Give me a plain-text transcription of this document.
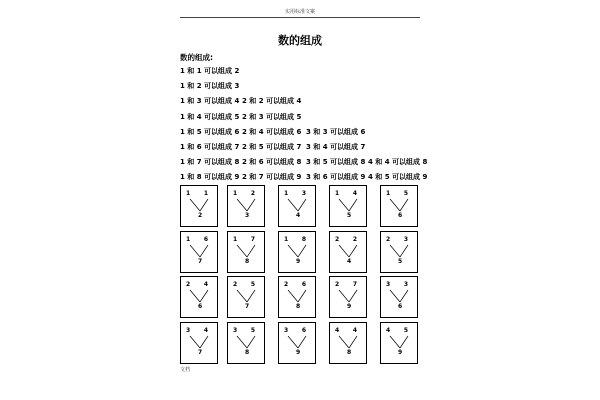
实用标准文案
数的组成
数的组成:
1 和 1 可以组成 2
1 和 2 可以组成 3
1 和 3 可以组成 4 2 和 2 可以组成 4
1 和 4 可以组成 5 2 和 3 可以组成 5
1 和 5 可以组成 6 2 和 4 可以组成 6 3 和 3 可以组成 6
1 和 6 可以组成 7 2 和 5 可以组成 7 3 和 4 可以组成 7
1 和 7 可以组成 8 2 和 6 可以组成 8 3 和 5 可以组成 8 4 和 4 可以组成 8
1 和 8 可以组成 9 2 和 7 可以组成 9 3 和 6 可以组成 9 4 和 5 可以组成 9
1 1
2
1 2
3
1 3
4
1 4
5
1 5
6
1 6
7
1 7
8
1 8
9
2 2
4
2 3
5
2 4
6
2 5
7
2 6
8
2 7
9
3 3
6
3 4
7
3 5
8
3 6
9
4 4
8
4 5
9
文档
